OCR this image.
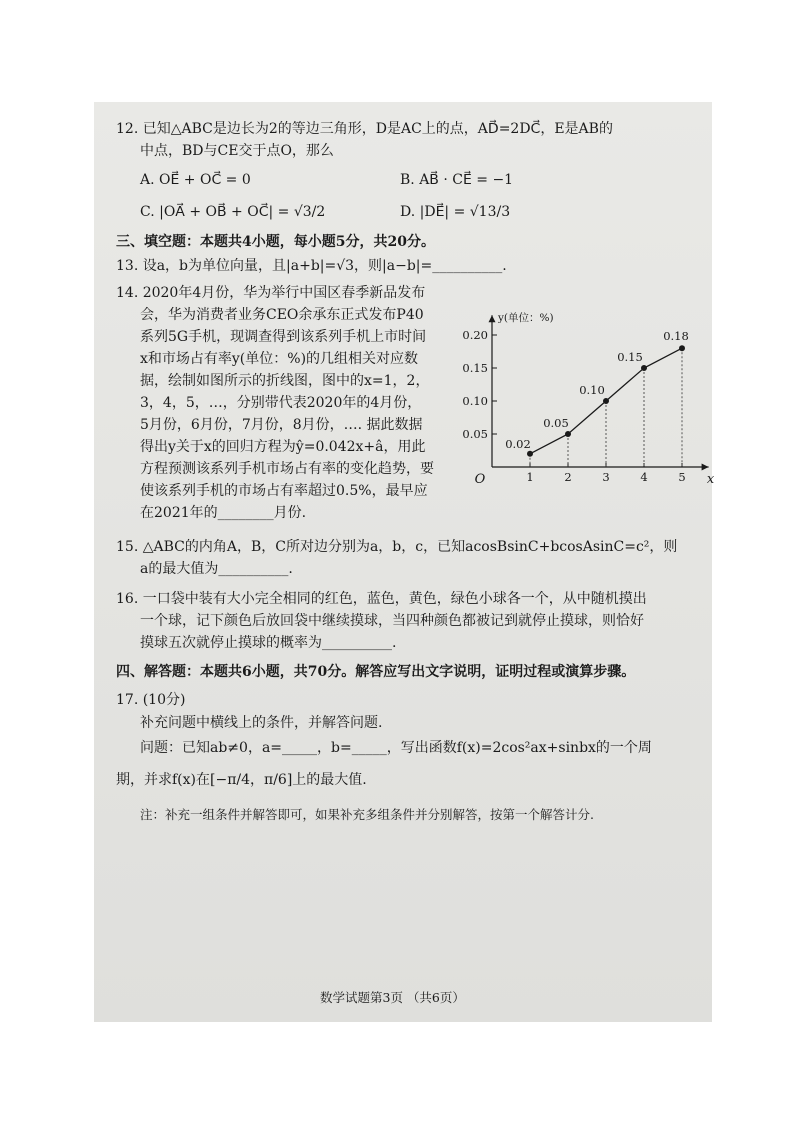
12. 已知△ABC是边长为2的等边三角形，D是AC上的点，AD⃗=2DC⃗，E是AB的
中点，BD与CE交于点O，那么
A. OE⃗ + OC⃗ = 0	B. AB⃗ · CE⃗ = −1
C. |OA⃗ + OB⃗ + OC⃗| = √3/2	D. |DE⃗| = √13/3
三、填空题：本题共4小题，每小题5分，共20分。
13. 设a，b为单位向量，且|a+b|=√3，则|a−b|=__________.
14. 2020年4月份，华为举行中国区春季新品发布
会，华为消费者业务CEO余承东正式发布P40
系列5G手机，现调查得到该系列手机上市时间
x和市场占有率y(单位：%)的几组相关对应数
据，绘制如图所示的折线图，图中的x=1，2，
3，4，5，…，分别带代表2020年的4月份，
5月份，6月份，7月份，8月份，…. 据此数据
得出y关于x的回归方程为ŷ=0.042x+â，用此
方程预测该系列手机市场占有率的变化趋势，要
使该系列手机的市场占有率超过0.5%，最早应
在2021年的________月份.
y(单位：%)
x
O
0.05
0.10
0.15
0.20
1	2	3	4	5
0.02
0.05
0.10
0.15
0.18
15. △ABC的内角A，B，C所对边分别为a，b，c，已知acosBsinC+bcosAsinC=c²，则
a的最大值为__________.
16. 一口袋中装有大小完全相同的红色，蓝色，黄色，绿色小球各一个，从中随机摸出
一个球，记下颜色后放回袋中继续摸球，当四种颜色都被记到就停止摸球，则恰好
摸球五次就停止摸球的概率为__________.
四、解答题：本题共6小题，共70分。解答应写出文字说明，证明过程或演算步骤。
17. (10分)
补充问题中横线上的条件，并解答问题.
问题：已知ab≠0，a=_____，b=_____，写出函数f(x)=2cos²ax+sinbx的一个周
期，并求f(x)在[−π/4，π/6]上的最大值.
注：补充一组条件并解答即可，如果补充多组条件并分别解答，按第一个解答计分.
数学试题第3页 （共6页）
